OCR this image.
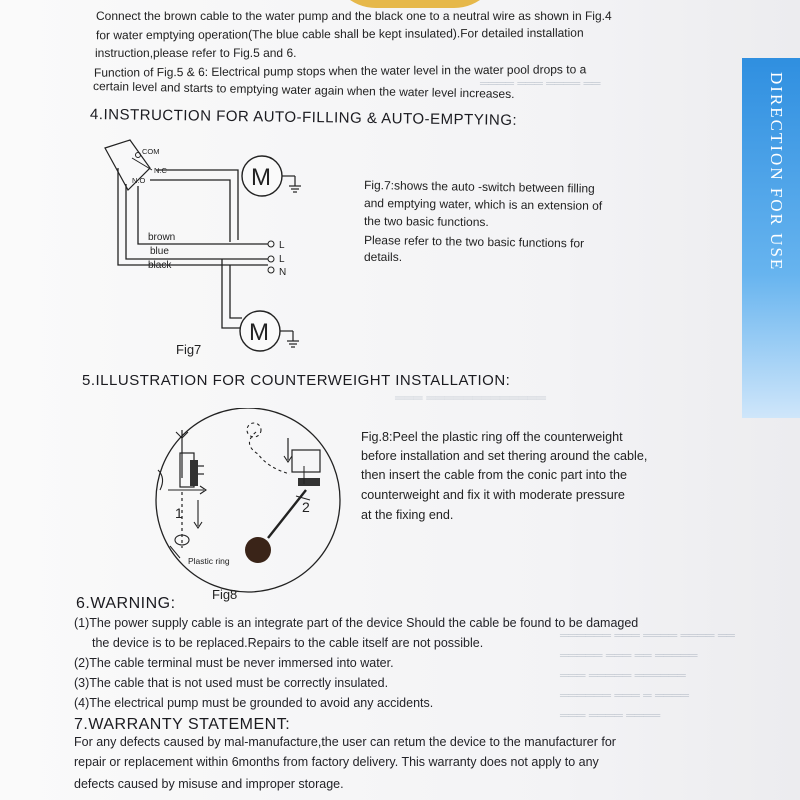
════ ═══ ════ ══
═══ ═════════════
══════ ═══ ════ ════ ══
═════ ═══ ══ ═════
═══ ═════ ══════
══════ ═══ ═ ════
═══ ════ ════
DIRECTION FOR USE
Connect the brown cable to the water pump and the black one to a neutral wire as shown in Fig.4
for water emptying operation(The blue cable shall be kept insulated).For detailed installation
instruction,please refer to Fig.5 and 6.
Function of Fig.5 & 6: Electrical pump stops when the water level in the water pool drops to a
certain level and starts to emptying water again when the water level increases.
4.INSTRUCTION FOR AUTO-FILLING & AUTO-EMPTYING:
COM
N.C
N.O	M
brown
blue
black
L
L
N
M
Fig7
Fig.7:shows the auto -switch between filling
and emptying water, which is an extension of
the two basic functions.
Please refer to the two basic functions for
details.
5.ILLUSTRATION FOR COUNTERWEIGHT INSTALLATION:
1
Plastic ring
2
Fig8
Fig.8:Peel the plastic ring off the counterweight
before installation and set thering around the cable,
then insert the cable from the conic part into the
counterweight and fix it with moderate pressure
at the fixing end.
6.WARNING:
(1)The power supply cable is an integrate part of the device Should the cable be found to be damaged
the device is to be replaced.Repairs to the cable itself are not possible.
(2)The cable terminal must be never immersed into water.
(3)The cable that is not used must be correctly insulated.
(4)The electrical pump must be grounded to avoid any accidents.
7.WARRANTY STATEMENT:
For any defects caused by mal-manufacture,the user can retum the device to the manufacturer for
repair or replacement within 6months from factory delivery. This warranty does not apply to any
defects caused by misuse and improper storage.
